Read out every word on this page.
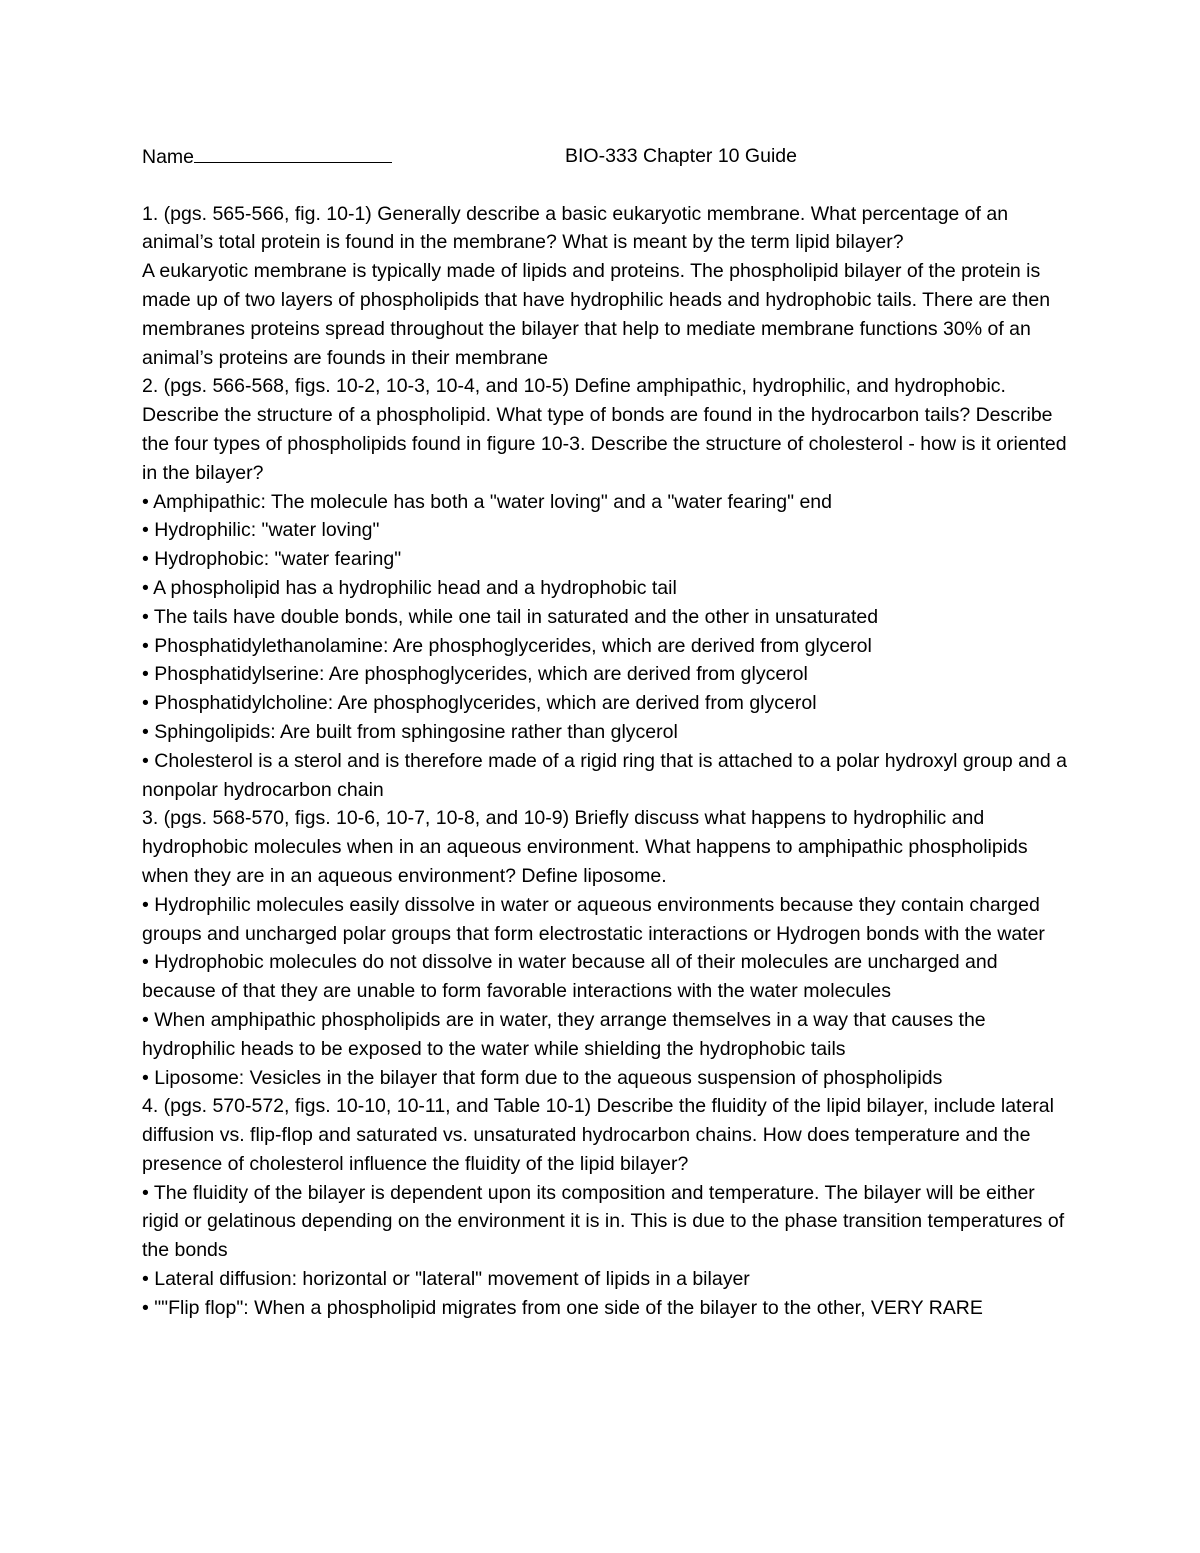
Name	BIO-333 Chapter 10 Guide

1. (pgs. 565-566, fig. 10-1) Generally describe a basic eukaryotic membrane. What percentage of an animal’s total protein is found in the membrane? What is meant by the term lipid bilayer?

A eukaryotic membrane is typically made of lipids and proteins. The phospholipid bilayer of the protein is made up of two layers of phospholipids that have hydrophilic heads and hydrophobic tails. There are then membranes proteins spread throughout the bilayer that help to mediate membrane functions 30% of an animal’s proteins are founds in their membrane

2. (pgs. 566-568, figs. 10-2, 10-3, 10-4, and 10-5) Define amphipathic, hydrophilic, and hydrophobic. Describe the structure of a phospholipid. What type of bonds are found in the hydrocarbon tails? Describe the four types of phospholipids found in figure 10-3. Describe the structure of cholesterol - how is it oriented in the bilayer?

• Amphipathic: The molecule has both a "water loving" and a "water fearing" end

• Hydrophilic: "water loving"

• Hydrophobic: "water fearing"

• A phospholipid has a hydrophilic head and a hydrophobic tail

• The tails have double bonds, while one tail in saturated and the other in unsaturated

• Phosphatidylethanolamine: Are phosphoglycerides, which are derived from glycerol

• Phosphatidylserine: Are phosphoglycerides, which are derived from glycerol

• Phosphatidylcholine: Are phosphoglycerides, which are derived from glycerol

• Sphingolipids: Are built from sphingosine rather than glycerol

• Cholesterol is a sterol and is therefore made of a rigid ring that is attached to a polar hydroxyl group and a nonpolar hydrocarbon chain

3. (pgs. 568-570, figs. 10-6, 10-7, 10-8, and 10-9) Briefly discuss what happens to hydrophilic and hydrophobic molecules when in an aqueous environment. What happens to amphipathic phospholipids when they are in an aqueous environment? Define liposome.

• Hydrophilic molecules easily dissolve in water or aqueous environments because they contain charged groups and uncharged polar groups that form electrostatic interactions or Hydrogen bonds with the water

• Hydrophobic molecules do not dissolve in water because all of their molecules are uncharged and because of that they are unable to form favorable interactions with the water molecules

• When amphipathic phospholipids are in water, they arrange themselves in a way that causes the hydrophilic heads to be exposed to the water while shielding the hydrophobic tails

• Liposome: Vesicles in the bilayer that form due to the aqueous suspension of phospholipids

4. (pgs. 570-572, figs. 10-10, 10-11, and Table 10-1) Describe the fluidity of the lipid bilayer, include lateral diffusion vs. flip-flop and saturated vs. unsaturated hydrocarbon chains. How does temperature and the presence of cholesterol influence the fluidity of the lipid bilayer?

• The fluidity of the bilayer is dependent upon its composition and temperature. The bilayer will be either rigid or gelatinous depending on the environment it is in. This is due to the phase transition temperatures of the bonds

• Lateral diffusion: horizontal or "lateral" movement of lipids in a bilayer

• ""Flip flop": When a phospholipid migrates from one side of the bilayer to the other, VERY RARE
